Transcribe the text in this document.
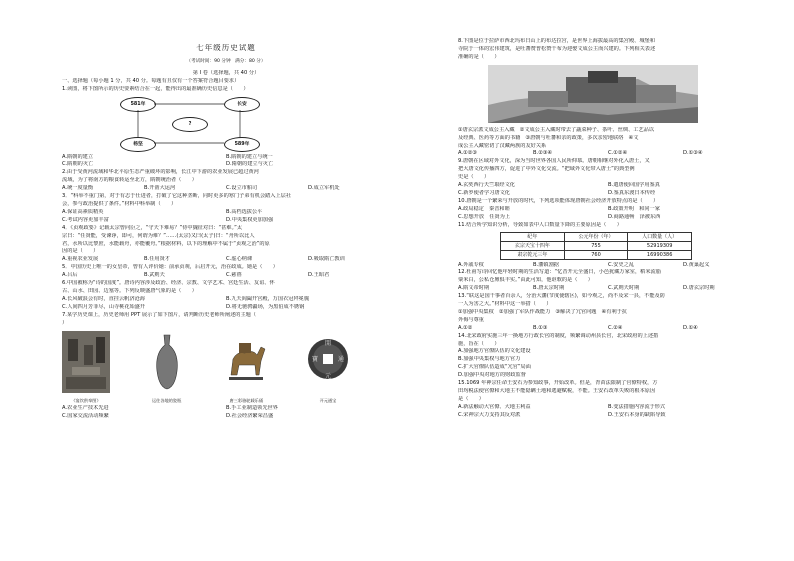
七年级历史试题
（考试时间：90 分钟　满分：80 分）
第 I 卷（选择题，共 40 分）
一、选择题（每小题 1 分，共 40 分。每题有且仅有一个答案符合题目要求）
1.读图，将下图所示的历史要素结合在一起，能得出的最准确历史信息是（　　）
581年	长安
?
杨坚	589年
A.隋朝的建立	B.隋朝的建立与统一
C.隋朝的灭亡	D.隋朝的建立与灭亡
2.由于受黄河流域和华北平原生态严重破坏的影响，长江中下游的农业发展已超过黄河
流域，为了将南方的粮食转运至北方，隋朝统治者（　　）
A.统一度量衡	B.开凿大运河	C.设立市舶司	D.成立军机处
3．“科举不重门第，对于有志于仕进者，打破了它这种垄断，同时更多的寒门子弟有机会踏入上层社
会，参与政治提供了条件。”材料中科举制（　　）
A.保证高素质精英	B.高档选拔公平
C.考试内容更加丰富	D.中央集权更加加强
4．《贞观政要》记载太宗曾问臣之，“守天下难易？”侍中魏征对曰：“甚难。”太
宗曰：“任贤能，受谏诤，即可，何谓为难？”……(太宗)又曰(太子)曰：“舟所以比人
君，水所以比黎庶，水能载舟，亦能覆舟。”根据材料，以下的理解中不属于“贞观之治”的原
因的是（　　）
A.重视农业发展	B.任用贤才	C.虚心纳谏	D.吸取隋亡教训
5．中国历史上唯一的女皇帝，曾有人评价她：前承贞观，后启开元，治在政成。她是（　　）
A.吕后	B.武则天	C.慈禧	D.王昭君
6.中国被称为“诗的国度”。唐诗内容涉及政治、经济、宗教、文学艺术、宫廷生活、友谊、怀
古、山水、田园、边塞等。下列反映盛唐气象的是（　　）
A.长风破浪会有时，直挂云帆济沧海	B.九天阊阖开宫殿，万国衣冠拜冕旒
C.人间四月芳菲尽，山寺桃花始盛开	D.将无驰骋疆场，为黑伯成不锈钢
7.某学历史课上，历史老师用 PPT 展示了如下图片，请判断历史老师所阐述的主题（
）
《宴饮供奉图》	运往各地的瓷瓶	唐三彩骆驼载乐俑
開
元
寶	通
开元通宝
A.农业生产技术先进	B.手工业制造领先世界
C.国家交流活动频繁	D.社会经济繁荣昌盛
8.下图是位于拉萨市西北玛布日山上的布达拉宫，是世界上海拔最高的集宫殿、城堡和
寺院于一体的宏伟建筑，是吐蕃赞普松赞干布为迎娶文成公主而兴建的。下列相关表述
准确的是（　　）
①唐玄宗派文成公主入藏　②文成公主入藏时带去了蔬菜种子、茶叶、丝绸、工艺品以
及经典、医药等方面的书籍　③唐朝与吐蕃和亲的政策，多次亲密地联络　④文
成公主入藏密切了汉藏两族的友好关系
A.①②③	B.②③④	C.①②④	D.①③④
9.唐朝在区域对外文化，深为当时世界各国人民所仰慕。唐朝相继对外化入唐土，又
把大唐文化传播四方，促进了中外文化交流。“把域外文化带入唐土”的典型例
史是（　　）
A.玄奘西行天竺取经文化	B.遣唐使回国学用鉴真
C.新罗使者学习唐文化	D.鉴真东渡日本传经
10.唐朝是一个繁荣与开放的时代，下列选项能体现唐朝社会经济开放特点的是（　　）
A.政局稳定　秦晋和睦	B.政策开明　和同一家
C.思想开放　任贤为上	D.商路通畅　泽被东西
11.结合所学知识分析，导致如表中人口数量下降的主要原因是（　　）
纪年	公元年份（年）	人口数量（人）
玄宗天宝十四年	755	52919309
肃宗乾元三年	760	16990386
A.外戚专权	B.藩镇割据	C.安史之乱	D.黄巢起义
12.杜甫写诗回忆他年轻时期的生活写道：“忆昔开元全盛日，小邑犹藏万家室，稻米流脂
粟米白，公私仓廪俱丰实。”由此可知，他讴歌的是（　　）
A.隋文帝时期	B.唐太宗时期	C.武则天时期	D.唐玄宗时期
13.“联这是国干事者百余人，分治大藩(节度使辖区)，如今观之，尚不及宋一县，不能及防
一人为害之大。”材料中这一举措（　　）
①加强中央集权　②加强了军队作战能力　③解决了冗官问题　④有利于抗
外侮与尊重
A.①②	B.①③	C.②④	D.①④
14.北宋政府实施三年一换地方行政长官的制度，频繁调动州县长官，北宋政府的上述措
施，旨在（　　）
A.加强地方官僚队伍的文化建设
B.加强中央集权与地方官力
C.扩大官僚队伍造成“冗官”局面
D.加强中央对地方的财政监督
15.1069 年神宗任命王安石为参知政事，开始改革。但是，青苗法限制了官僚特权，方
田均税法使官僚和大地主不能隐瞒土地和逃避赋税，不能。王安石改革失败的根本原因
是（　　）
A.新法触动大官僚、大地主利益	B.变法措施内容流于形式
C.宋神宗大力支持其反对派	D.王安石本身的缺陷导致
